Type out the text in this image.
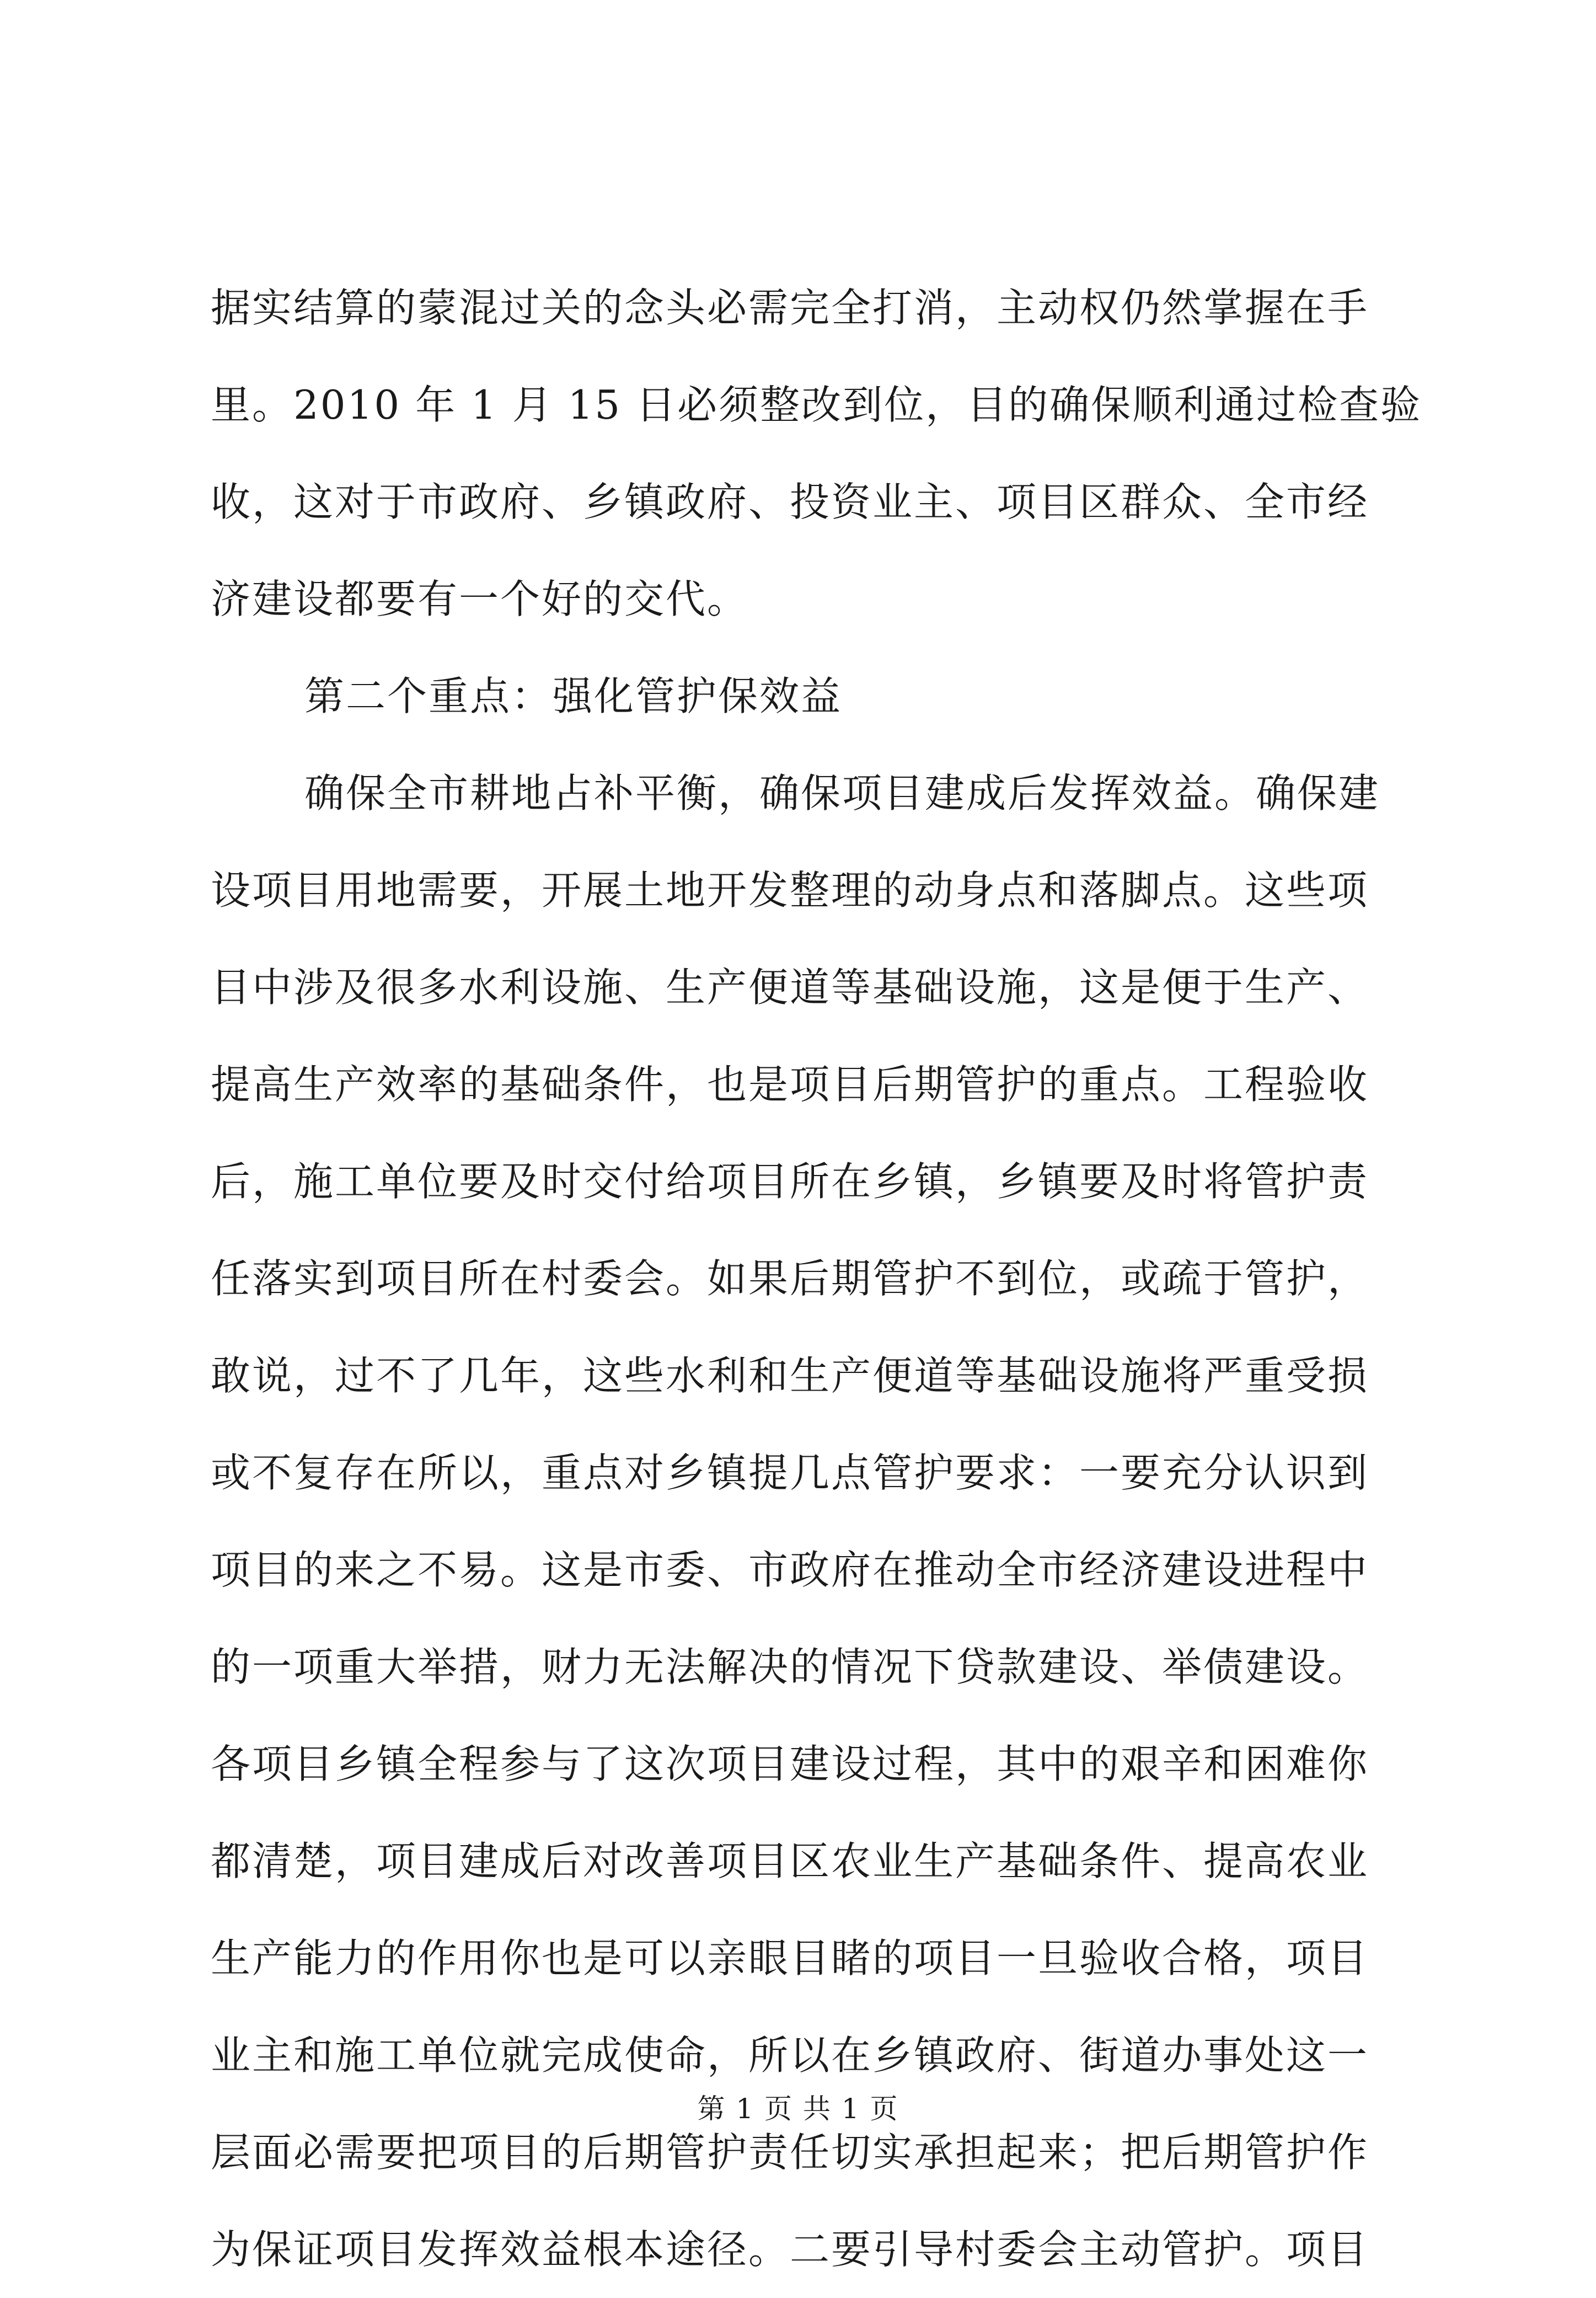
据实结算的蒙混过关的念头必需完全打消，主动权仍然掌握在手
里。2010 年 1 月 15 日必须整改到位，目的确保顺利通过检查验
收，这对于市政府、乡镇政府、投资业主、项目区群众、全市经
济建设都要有一个好的交代。
第二个重点：强化管护保效益
确保全市耕地占补平衡，确保项目建成后发挥效益。确保建
设项目用地需要，开展土地开发整理的动身点和落脚点。这些项
目中涉及很多水利设施、生产便道等基础设施，这是便于生产、
提高生产效率的基础条件，也是项目后期管护的重点。工程验收
后，施工单位要及时交付给项目所在乡镇，乡镇要及时将管护责
任落实到项目所在村委会。如果后期管护不到位，或疏于管护，
敢说，过不了几年，这些水利和生产便道等基础设施将严重受损
或不复存在所以，重点对乡镇提几点管护要求：一要充分认识到
项目的来之不易。这是市委、市政府在推动全市经济建设进程中
的一项重大举措，财力无法解决的情况下贷款建设、举债建设。
各项目乡镇全程参与了这次项目建设过程，其中的艰辛和困难你
都清楚，项目建成后对改善项目区农业生产基础条件、提高农业
生产能力的作用你也是可以亲眼目睹的项目一旦验收合格，项目
业主和施工单位就完成使命，所以在乡镇政府、街道办事处这一
层面必需要把项目的后期管护责任切实承担起来；把后期管护作
为保证项目发挥效益根本途径。二要引导村委会主动管护。项目
第 1 页 共 1 页
